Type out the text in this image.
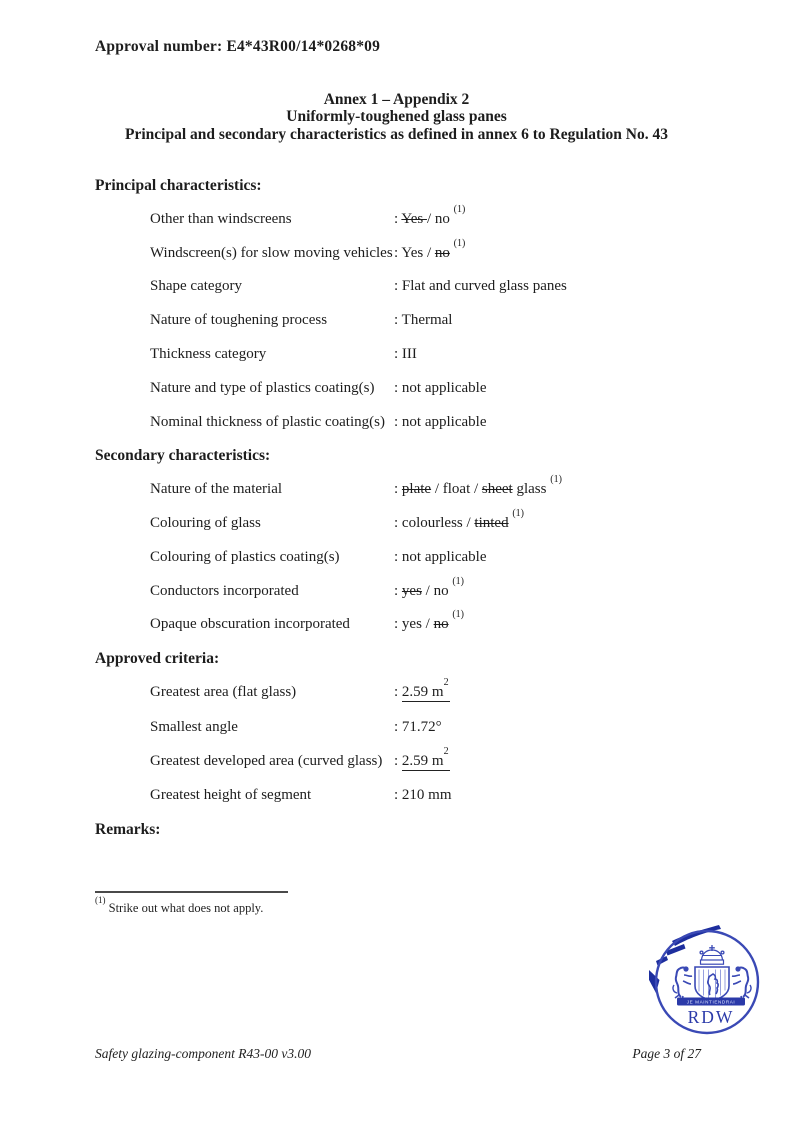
Approval number: E4*43R00/14*0268*09
Annex 1 – Appendix 2
Uniformly-toughened glass panes
Principal and secondary characteristics as defined in annex 6 to Regulation No. 43
Principal characteristics:
Other than windscreens	: Yes / no $^{(1)}$
Windscreen(s) for slow moving vehicles : Yes / no $^{(1)}$
Shape category	: Flat and curved glass panes
Nature of toughening process	: Thermal
Thickness category	: III
Nature and type of plastics coating(s)	: not applicable
Nominal thickness of plastic coating(s) : not applicable
Secondary characteristics:
Nature of the material	: plate / float / sheet glass $^{(1)}$
Colouring of glass	: colourless / tinted $^{(1)}$
Colouring of plastics coating(s)	: not applicable
Conductors incorporated	: yes / no $^{(1)}$
Opaque obscuration incorporated	: yes / no $^{(1)}$
Approved criteria:
Greatest area (flat glass)	: 2.59 $m^2$
Smallest angle	: 71.72°
Greatest developed area (curved glass) : 2.59 $m^2$
Greatest height of segment	: 210 mm
Remarks:
$^{(1)}$ Strike out what does not apply.
JE MAINTIENDRAI
RDW
Safety glazing-component R43-00 v3.00	Page 3 of 27
